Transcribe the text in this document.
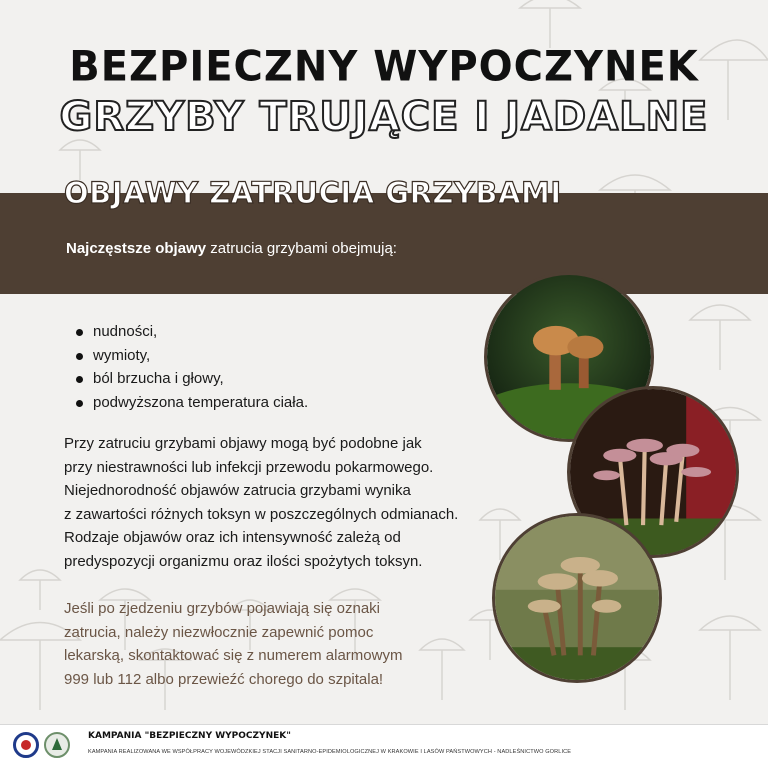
BEZPIECZNY WYPOCZYNEK
GRZYBY TRUJĄCE I JADALNE
OBJAWY ZATRUCIA GRZYBAMI
Najczęstsze objawy zatrucia grzybami obejmują:
nudności,
wymioty,
ból brzucha i głowy,
podwyższona temperatura ciała.

Przy zatruciu grzybami objawy mogą być podobne jak
przy niestrawności lub infekcji przewodu pokarmowego.
Niejednorodność objawów zatrucia grzybami wynika
z zawartości różnych toksyn w poszczególnych odmianach.
Rodzaje objawów oraz ich intensywność zależą od
predyspozycji organizmu oraz ilości spożytych toksyn.

Jeśli po zjedzeniu grzybów pojawiają się oznaki
zatrucia, należy niezwłocznie zapewnić pomoc
lekarską, skontaktować się z numerem alarmowym
999 lub 112 albo przewieźć chorego do szpitala!

KAMPANIA "BEZPIECZNY WYPOCZYNEK"
KAMPANIA REALIZOWANA WE WSPÓŁPRACY WOJEWÓDZKIEJ STACJI SANITARNO-EPIDEMIOLOGICZNEJ W KRAKOWIE I LASÓW PAŃSTWOWYCH - NADLEŚNICTWO GORLICE
